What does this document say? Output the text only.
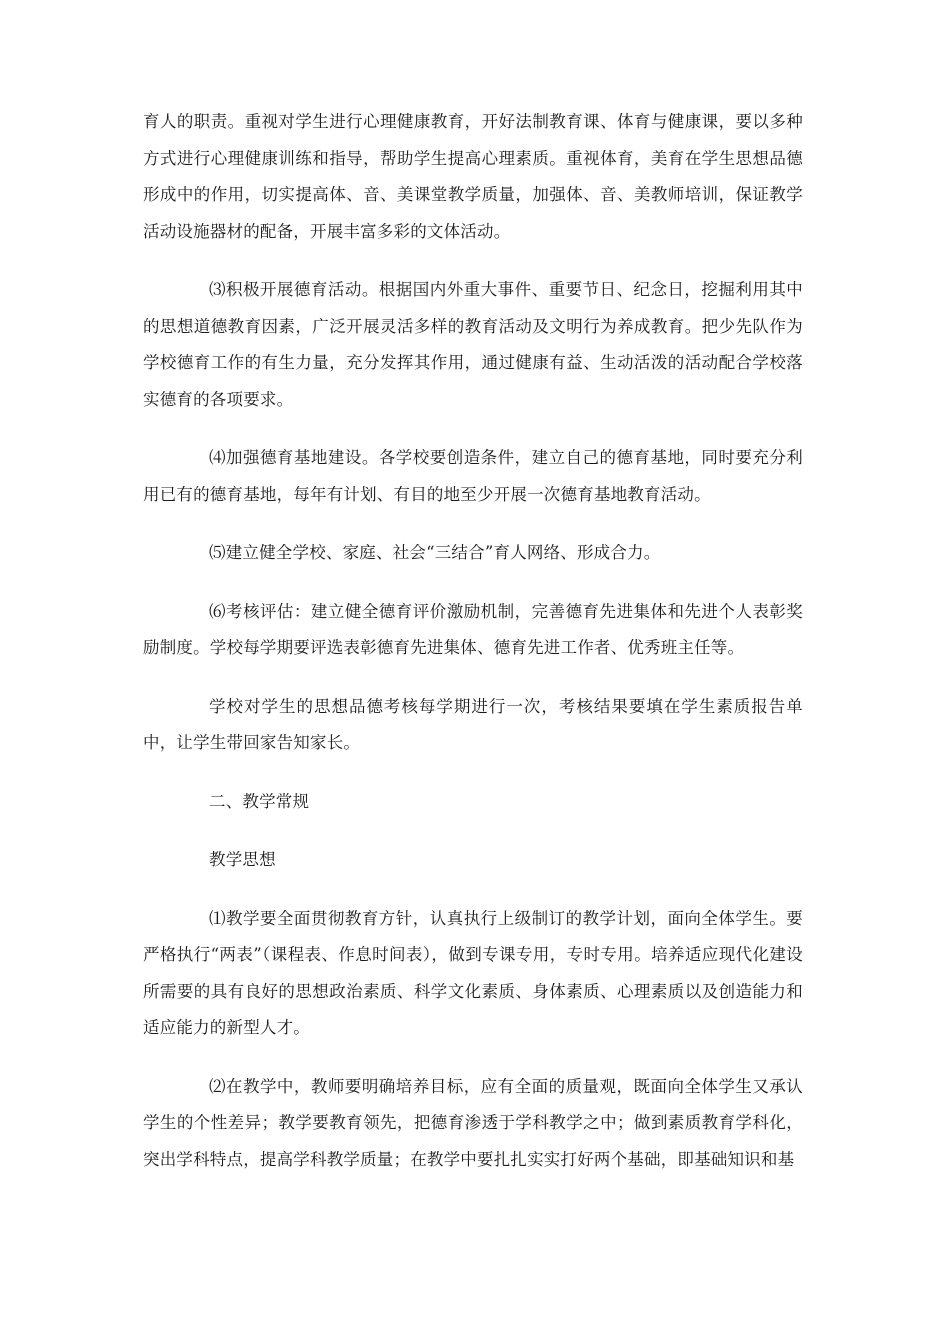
育人的职责。重视对学生进行心理健康教育，开好法制教育课、体育与健康课，要以多种方式进行心理健康训练和指导，帮助学生提高心理素质。重视体育，美育在学生思想品德形成中的作用，切实提高体、音、美课堂教学质量，加强体、音、美教师培训，保证教学活动设施器材的配备，开展丰富多彩的文体活动。

⑶积极开展德育活动。根据国内外重大事件、重要节日、纪念日，挖掘利用其中的思想道德教育因素，广泛开展灵活多样的教育活动及文明行为养成教育。把少先队作为学校德育工作的有生力量，充分发挥其作用，通过健康有益、生动活泼的活动配合学校落实德育的各项要求。

⑷加强德育基地建设。各学校要创造条件，建立自己的德育基地，同时要充分利用已有的德育基地，每年有计划、有目的地至少开展一次德育基地教育活动。

⑸建立健全学校、家庭、社会“三结合”育人网络、形成合力。

⑹考核评估：建立健全德育评价激励机制，完善德育先进集体和先进个人表彰奖励制度。学校每学期要评选表彰德育先进集体、德育先进工作者、优秀班主任等。

学校对学生的思想品德考核每学期进行一次，考核结果要填在学生素质报告单中，让学生带回家告知家长。

二、教学常规

教学思想

⑴教学要全面贯彻教育方针，认真执行上级制订的教学计划，面向全体学生。要严格执行“两表”（课程表、作息时间表），做到专课专用，专时专用。培养适应现代化建设所需要的具有良好的思想政治素质、科学文化素质、身体素质、心理素质以及创造能力和适应能力的新型人才。

⑵在教学中，教师要明确培养目标，应有全面的质量观，既面向全体学生又承认学生的个性差异；教学要教育领先，把德育渗透于学科教学之中；做到素质教育学科化，突出学科特点，提高学科教学质量；在教学中要扎扎实实打好两个基础，即基础知识和基
